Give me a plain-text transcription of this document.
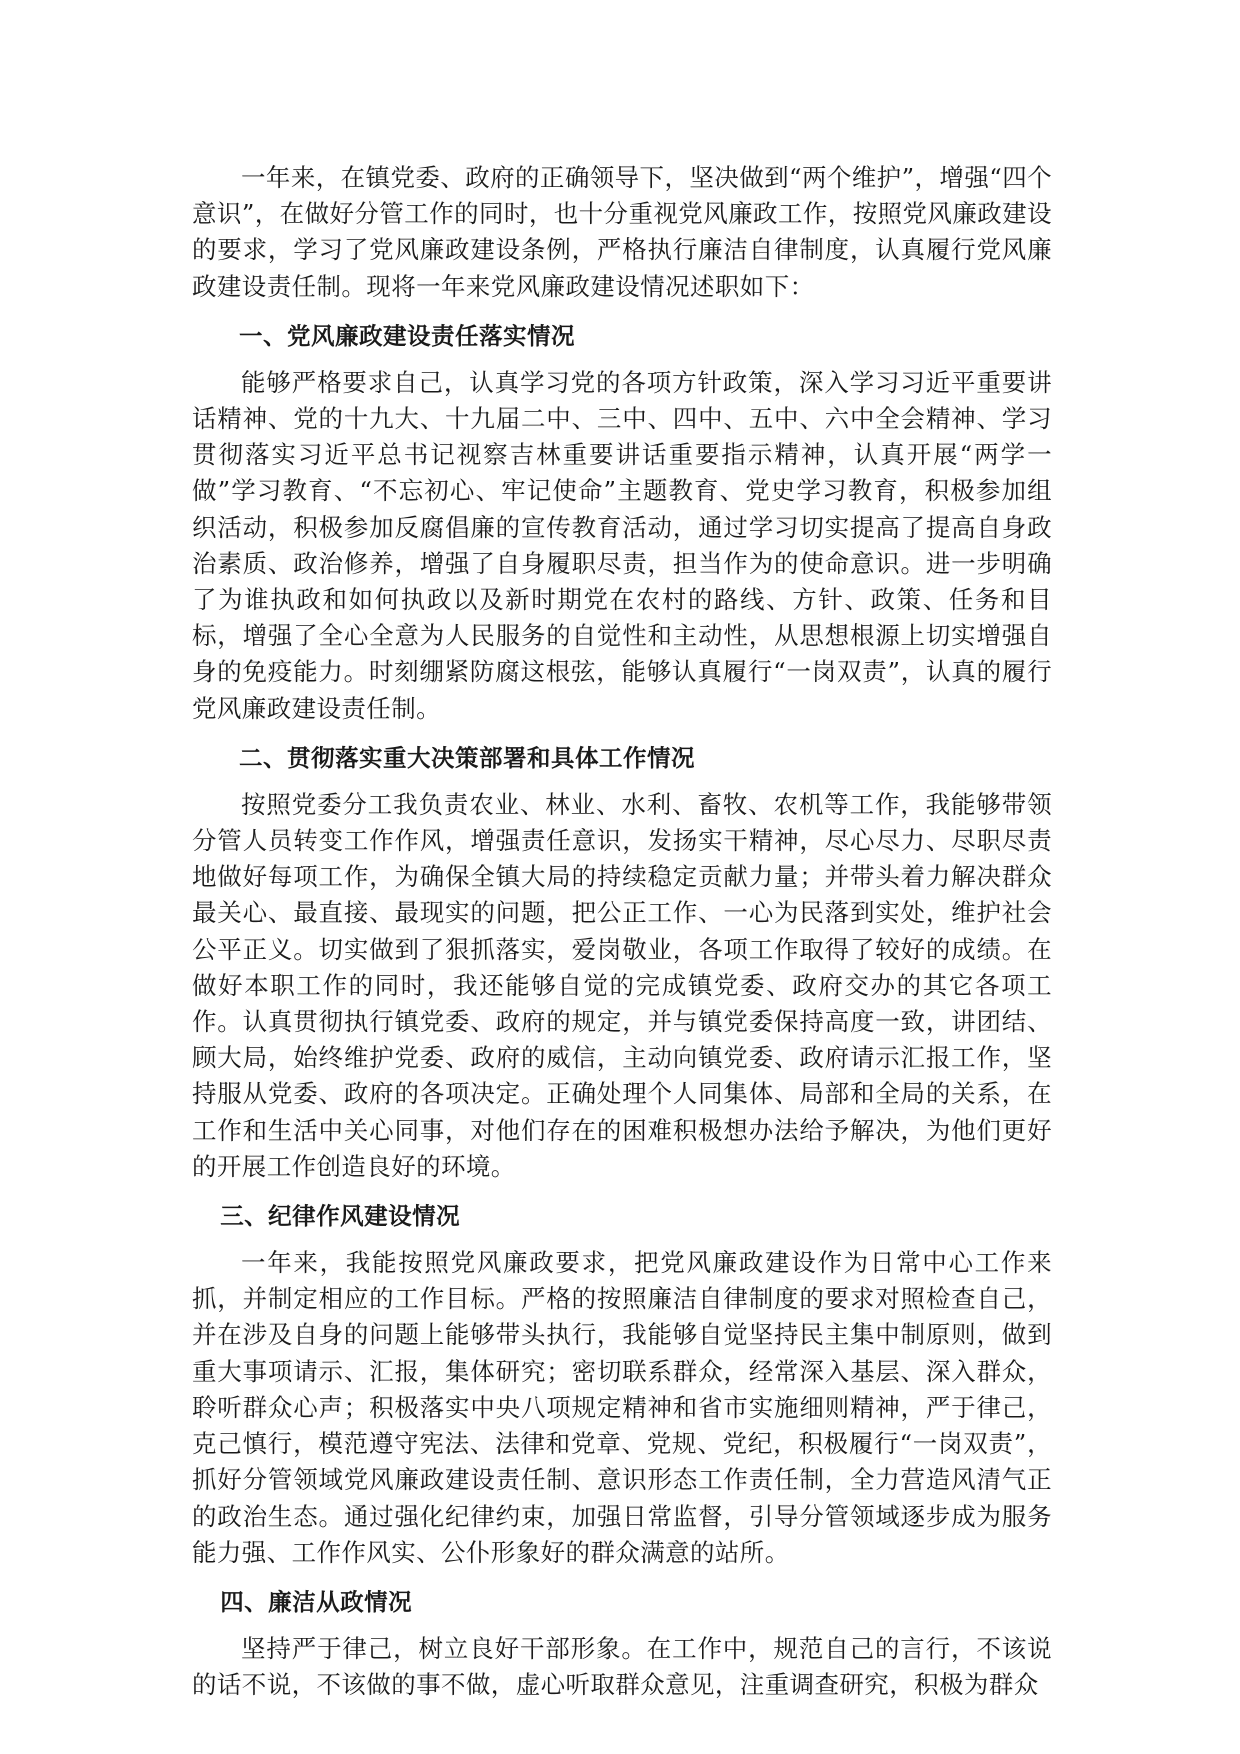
一年来，在镇党委、政府的正确领导下，坚决做到“两个维护”，增强“四个意识”，在做好分管工作的同时，也十分重视党风廉政工作，按照党风廉政建设的要求，学习了党风廉政建设条例，严格执行廉洁自律制度，认真履行党风廉政建设责任制。现将一年来党风廉政建设情况述职如下：

一、党风廉政建设责任落实情况

能够严格要求自己，认真学习党的各项方针政策，深入学习习近平重要讲话精神、党的十九大、十九届二中、三中、四中、五中、六中全会精神、学习贯彻落实习近平总书记视察吉林重要讲话重要指示精神，认真开展“两学一做”学习教育、“不忘初心、牢记使命”主题教育、党史学习教育，积极参加组织活动，积极参加反腐倡廉的宣传教育活动，通过学习切实提高了提高自身政治素质、政治修养，增强了自身履职尽责，担当作为的使命意识。进一步明确了为谁执政和如何执政以及新时期党在农村的路线、方针、政策、任务和目标，增强了全心全意为人民服务的自觉性和主动性，从思想根源上切实增强自身的免疫能力。时刻绷紧防腐这根弦，能够认真履行“一岗双责”，认真的履行党风廉政建设责任制。

二、贯彻落实重大决策部署和具体工作情况

按照党委分工我负责农业、林业、水利、畜牧、农机等工作，我能够带领分管人员转变工作作风，增强责任意识，发扬实干精神，尽心尽力、尽职尽责地做好每项工作，为确保全镇大局的持续稳定贡献力量；并带头着力解决群众最关心、最直接、最现实的问题，把公正工作、一心为民落到实处，维护社会公平正义。切实做到了狠抓落实，爱岗敬业，各项工作取得了较好的成绩。在做好本职工作的同时，我还能够自觉的完成镇党委、政府交办的其它各项工作。认真贯彻执行镇党委、政府的规定，并与镇党委保持高度一致，讲团结、顾大局，始终维护党委、政府的威信，主动向镇党委、政府请示汇报工作，坚持服从党委、政府的各项决定。正确处理个人同集体、局部和全局的关系，在工作和生活中关心同事，对他们存在的困难积极想办法给予解决，为他们更好的开展工作创造良好的环境。

三、纪律作风建设情况

一年来，我能按照党风廉政要求，把党风廉政建设作为日常中心工作来抓，并制定相应的工作目标。严格的按照廉洁自律制度的要求对照检查自己，并在涉及自身的问题上能够带头执行，我能够自觉坚持民主集中制原则，做到重大事项请示、汇报，集体研究；密切联系群众，经常深入基层、深入群众，聆听群众心声；积极落实中央八项规定精神和省市实施细则精神，严于律己，克己慎行，模范遵守宪法、法律和党章、党规、党纪，积极履行“一岗双责”，抓好分管领域党风廉政建设责任制、意识形态工作责任制，全力营造风清气正的政治生态。通过强化纪律约束，加强日常监督，引导分管领域逐步成为服务能力强、工作作风实、公仆形象好的群众满意的站所。

四、廉洁从政情况

坚持严于律己，树立良好干部形象。在工作中，规范自己的言行，不该说的话不说，不该做的事不做，虚心听取群众意见，注重调查研究，积极为群众
